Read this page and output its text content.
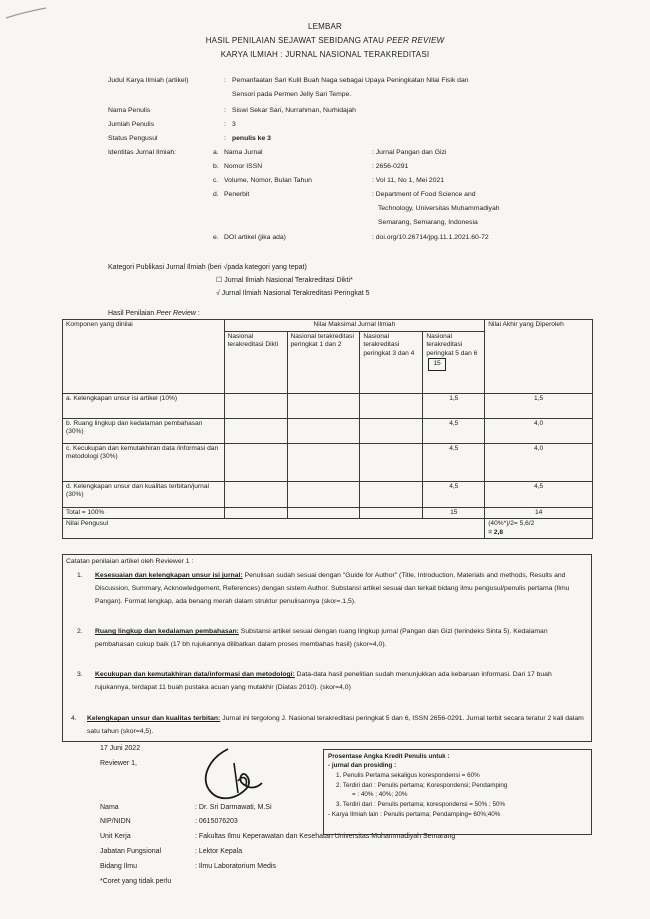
LEMBAR
HASIL PENILAIAN SEJAWAT SEBIDANG ATAU PEER REVIEW
KARYA ILMIAH : JURNAL NASIONAL TERAKREDITASI
Judul Karya Ilmiah (artikel)	: Pemanfaatan Sari Kulit Buah Naga sebagai Upaya Peningkatan Nilai Fisik dan
Sensori pada Permen Jelly Sari Tempe.
Nama Penulis	: Siswi Sekar Sari, Nurrahman, Nurhidajah
Jumlah Penulis	: 3
Status Pengusul	: penulis ke 3
Identitas Jurnal Ilmiah:	a. Nama Jurnal	: Jurnal Pangan dan Gizi
b. Nomor ISSN	: 2656-0291
c. Volume, Nomor, Bulan Tahun	: Vol 11, No 1, Mei 2021
d. Penerbit	: Department of Food Science and
Technology, Universitas Muhammadiyah
Semarang, Semarang, Indonesia
e. DOI artikel (jika ada)	: doi.org/10.26714/jpg.11.1.2021.60-72
Kategori Publikasi Jurnal Ilmiah (beri √pada kategori yang tepat)
☐ Jurnal Ilmiah Nasional Terakreditasi Dikti*
√ Jurnal Ilmiah Nasional Terakreditasi Peringkat 5
Hasil Penilaian Peer Review :
Komponen yang dinilai	Nilai Maksimal Jurnal Ilmiah				Nilai Akhir yang Diperoleh
	Nasional terakreditasi Dikti	Nasional terakreditasi peringkat 1 dan 2	Nasional terakreditasi peringkat 3 dan 4	Nasional terakreditasi peringkat 5 dan 615	
a. Kelengkapan unsur isi artikel (10%)				1,5	1,5
b. Ruang lingkup dan kedalaman pembahasan (30%)				4,5	4,0
c. Kecukupan dan kemutakhiran data /informasi dan metodologi (30%)				4,5	4,0
d. Kelengkapan unsur dan kualitas terbitan/jurnal (30%)				4,5	4,5
Total = 100%				15	14
Nilai Pengusul					(40%*)/2= 5,6/2
= 2,8
Catatan penilaian artikel oleh Reviewer 1 :
1.	Kesesuaian dan kelengkapan unsur isi jurnal: Penulisan sudah sesuai dengan "Guide for Author" (Title, Introduction, Materials and methods, Results and Discussion, Summary, Acknowledgement, References) dengan sistem Author. Substansi artikel sesuai dan terkait bidang ilmu pengusul/penulis pertama (Ilmu Pangan). Format lengkap, ada benang merah dalam struktur penulisannya (skor=.1,5).
2.	Ruang lingkup dan kedalaman pembahasan: Substansi artikel sesuai dengan ruang lingkup jurnal (Pangan dan Gizi (terindeks Sinta 5). Kedalaman pembahasan cukup baik (17 bh rujukannya dilibatkan dalam proses membahas hasil) (skor=4,0).
3.	Kecukupan dan kemutakhiran data/informasi dan metodologi: Data-data hasil penelitian sudah menunjukkan ada kebaruan informasi. Dari 17 buah rujukannya, terdapat 11 buah pustaka acuan yang mutakhir (Diatas 2010). (skor=4,0)
4.	Kelengkapan unsur dan kualitas terbitan: Jurnal ini tergolong J. Nasional terakreditasi peringkat 5 dan 6, ISSN 2656-0291. Jurnal terbit secara teratur 2 kali dalam satu tahun (skor=4,5).
17 Juni 2022
Reviewer 1,
Nama	: Dr. Sri Darmawati, M.Si
NIP/NIDN	: 0615076203
Unit Kerja	: Fakultas Ilmu Keperawatan dan Kesehatan Universitas Muhammadiyah Semarang
Jabatan Fungsional	: Lektor Kepala
Bidang Ilmu	: Ilmu Laboratorium Medis
*Coret yang tidak perlu
Prosentase Angka Kredit Penulis untuk :
- jurnal dan prosiding :
1. Penulis Pertama sekaligus korespondensi = 60%
2. Terdiri dari : Penulis pertama; Korespondensi; Pendamping
= : 40% ; 40%; 20%
3. Terdiri dari : Penulis pertama; korespondensi = 50% ; 50%
- Karya Ilmiah lain : Penulis pertama; Pendamping= 60%;40%
